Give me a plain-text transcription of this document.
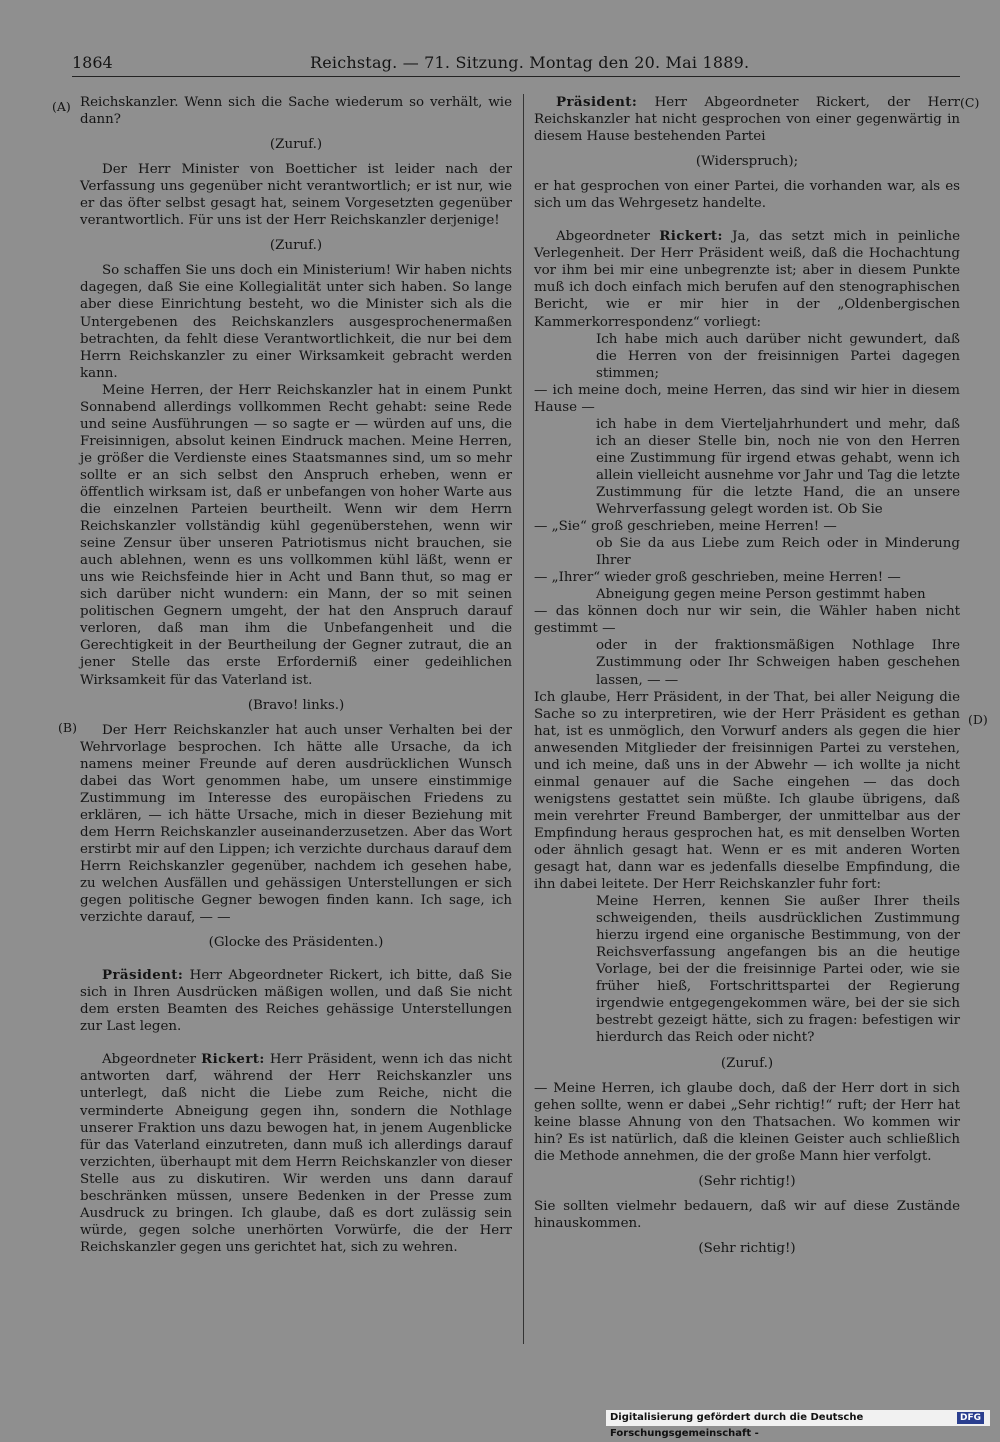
1864	Reichstag. — 71. Sitzung. Montag den 20. Mai 1889.
(A)
(B)
(C)
(D)

Reichskanzler. Wenn sich die Sache wiederum so verhält, wie dann?

(Zuruf.)

Der Herr Minister von Boetticher ist leider nach der Verfassung uns gegenüber nicht verantwortlich; er ist nur, wie er das öfter selbst gesagt hat, seinem Vorgesetzten gegenüber verantwortlich. Für uns ist der Herr Reichskanzler derjenige!

(Zuruf.)

So schaffen Sie uns doch ein Ministerium! Wir haben nichts dagegen, daß Sie eine Kollegialität unter sich haben. So lange aber diese Einrichtung besteht, wo die Minister sich als die Untergebenen des Reichskanzlers ausgesprochenermaßen betrachten, da fehlt diese Verantwortlichkeit, die nur bei dem Herrn Reichskanzler zu einer Wirksamkeit gebracht werden kann.

Meine Herren, der Herr Reichskanzler hat in einem Punkt Sonnabend allerdings vollkommen Recht gehabt: seine Rede und seine Ausführungen — so sagte er — würden auf uns, die Freisinnigen, absolut keinen Eindruck machen. Meine Herren, je größer die Verdienste eines Staatsmannes sind, um so mehr sollte er an sich selbst den Anspruch erheben, wenn er öffentlich wirksam ist, daß er unbefangen von hoher Warte aus die einzelnen Parteien beurtheilt. Wenn wir dem Herrn Reichskanzler vollständig kühl gegenüberstehen, wenn wir seine Zensur über unseren Patriotismus nicht brauchen, sie auch ablehnen, wenn es uns vollkommen kühl läßt, wenn er uns wie Reichsfeinde hier in Acht und Bann thut, so mag er sich darüber nicht wundern: ein Mann, der so mit seinen politischen Gegnern umgeht, der hat den Anspruch darauf verloren, daß man ihm die Unbefangenheit und die Gerechtigkeit in der Beurtheilung der Gegner zutraut, die an jener Stelle das erste Erforderniß einer gedeihlichen Wirksamkeit für das Vaterland ist.

(Bravo! links.)

Der Herr Reichskanzler hat auch unser Verhalten bei der Wehrvorlage besprochen. Ich hätte alle Ursache, da ich namens meiner Freunde auf deren ausdrücklichen Wunsch dabei das Wort genommen habe, um unsere einstimmige Zustimmung im Interesse des europäischen Friedens zu erklären, — ich hätte Ursache, mich in dieser Beziehung mit dem Herrn Reichskanzler auseinanderzusetzen. Aber das Wort erstirbt mir auf den Lippen; ich verzichte durchaus darauf dem Herrn Reichskanzler gegenüber, nachdem ich gesehen habe, zu welchen Ausfällen und gehässigen Unterstellungen er sich gegen politische Gegner bewogen finden kann. Ich sage, ich verzichte darauf, — —

(Glocke des Präsidenten.)

Präsident: Herr Abgeordneter Rickert, ich bitte, daß Sie sich in Ihren Ausdrücken mäßigen wollen, und daß Sie nicht dem ersten Beamten des Reiches gehässige Unterstellungen zur Last legen.

Abgeordneter Rickert: Herr Präsident, wenn ich das nicht antworten darf, während der Herr Reichskanzler uns unterlegt, daß nicht die Liebe zum Reiche, nicht die verminderte Abneigung gegen ihn, sondern die Nothlage unserer Fraktion uns dazu bewogen hat, in jenem Augenblicke für das Vaterland einzutreten, dann muß ich allerdings darauf verzichten, überhaupt mit dem Herrn Reichskanzler von dieser Stelle aus zu diskutiren. Wir werden uns dann darauf beschränken müssen, unsere Bedenken in der Presse zum Ausdruck zu bringen. Ich glaube, daß es dort zulässig sein würde, gegen solche unerhörten Vorwürfe, die der Herr Reichskanzler gegen uns gerichtet hat, sich zu wehren.

Präsident: Herr Abgeordneter Rickert, der Herr Reichskanzler hat nicht gesprochen von einer gegenwärtig in diesem Hause bestehenden Partei

(Widerspruch);

er hat gesprochen von einer Partei, die vorhanden war, als es sich um das Wehrgesetz handelte.

Abgeordneter Rickert: Ja, das setzt mich in peinliche Verlegenheit. Der Herr Präsident weiß, daß die Hochachtung vor ihm bei mir eine unbegrenzte ist; aber in diesem Punkte muß ich doch einfach mich berufen auf den stenographischen Bericht, wie er mir hier in der „Oldenbergischen Kammerkorrespondenz“ vorliegt:

Ich habe mich auch darüber nicht gewundert, daß die Herren von der freisinnigen Partei dagegen stimmen;

— ich meine doch, meine Herren, das sind wir hier in diesem Hause —

ich habe in dem Vierteljahrhundert und mehr, daß ich an dieser Stelle bin, noch nie von den Herren eine Zustimmung für irgend etwas gehabt, wenn ich allein vielleicht ausnehme vor Jahr und Tag die letzte Zustimmung für die letzte Hand, die an unsere Wehrverfassung gelegt worden ist. Ob Sie

— „Sie“ groß geschrieben, meine Herren! —

ob Sie da aus Liebe zum Reich oder in Minderung Ihrer

— „Ihrer“ wieder groß geschrieben, meine Herren! —

Abneigung gegen meine Person gestimmt haben

— das können doch nur wir sein, die Wähler haben nicht gestimmt —

oder in der fraktionsmäßigen Nothlage Ihre Zustimmung oder Ihr Schweigen haben geschehen lassen, — —

Ich glaube, Herr Präsident, in der That, bei aller Neigung die Sache so zu interpretiren, wie der Herr Präsident es gethan hat, ist es unmöglich, den Vorwurf anders als gegen die hier anwesenden Mitglieder der freisinnigen Partei zu verstehen, und ich meine, daß uns in der Abwehr — ich wollte ja nicht einmal genauer auf die Sache eingehen — das doch wenigstens gestattet sein müßte. Ich glaube übrigens, daß mein verehrter Freund Bamberger, der unmittelbar aus der Empfindung heraus gesprochen hat, es mit denselben Worten oder ähnlich gesagt hat. Wenn er es mit anderen Worten gesagt hat, dann war es jedenfalls dieselbe Empfindung, die ihn dabei leitete. Der Herr Reichskanzler fuhr fort:

Meine Herren, kennen Sie außer Ihrer theils schweigenden, theils ausdrücklichen Zustimmung hierzu irgend eine organische Bestimmung, von der Reichsverfassung angefangen bis an die heutige Vorlage, bei der die freisinnige Partei oder, wie sie früher hieß, Fortschrittspartei der Regierung irgendwie entgegengekommen wäre, bei der sie sich bestrebt gezeigt hätte, sich zu fragen: befestigen wir hierdurch das Reich oder nicht?

(Zuruf.)

— Meine Herren, ich glaube doch, daß der Herr dort in sich gehen sollte, wenn er dabei „Sehr richtig!“ ruft; der Herr hat keine blasse Ahnung von den Thatsachen. Wo kommen wir hin? Es ist natürlich, daß die kleinen Geister auch schließlich die Methode annehmen, die der große Mann hier verfolgt.

(Sehr richtig!)

Sie sollten vielmehr bedauern, daß wir auf diese Zustände hinauskommen.

(Sehr richtig!)

Digitalisierung gefördert durch die Deutsche Forschungsgemeinschaft -
DFG
